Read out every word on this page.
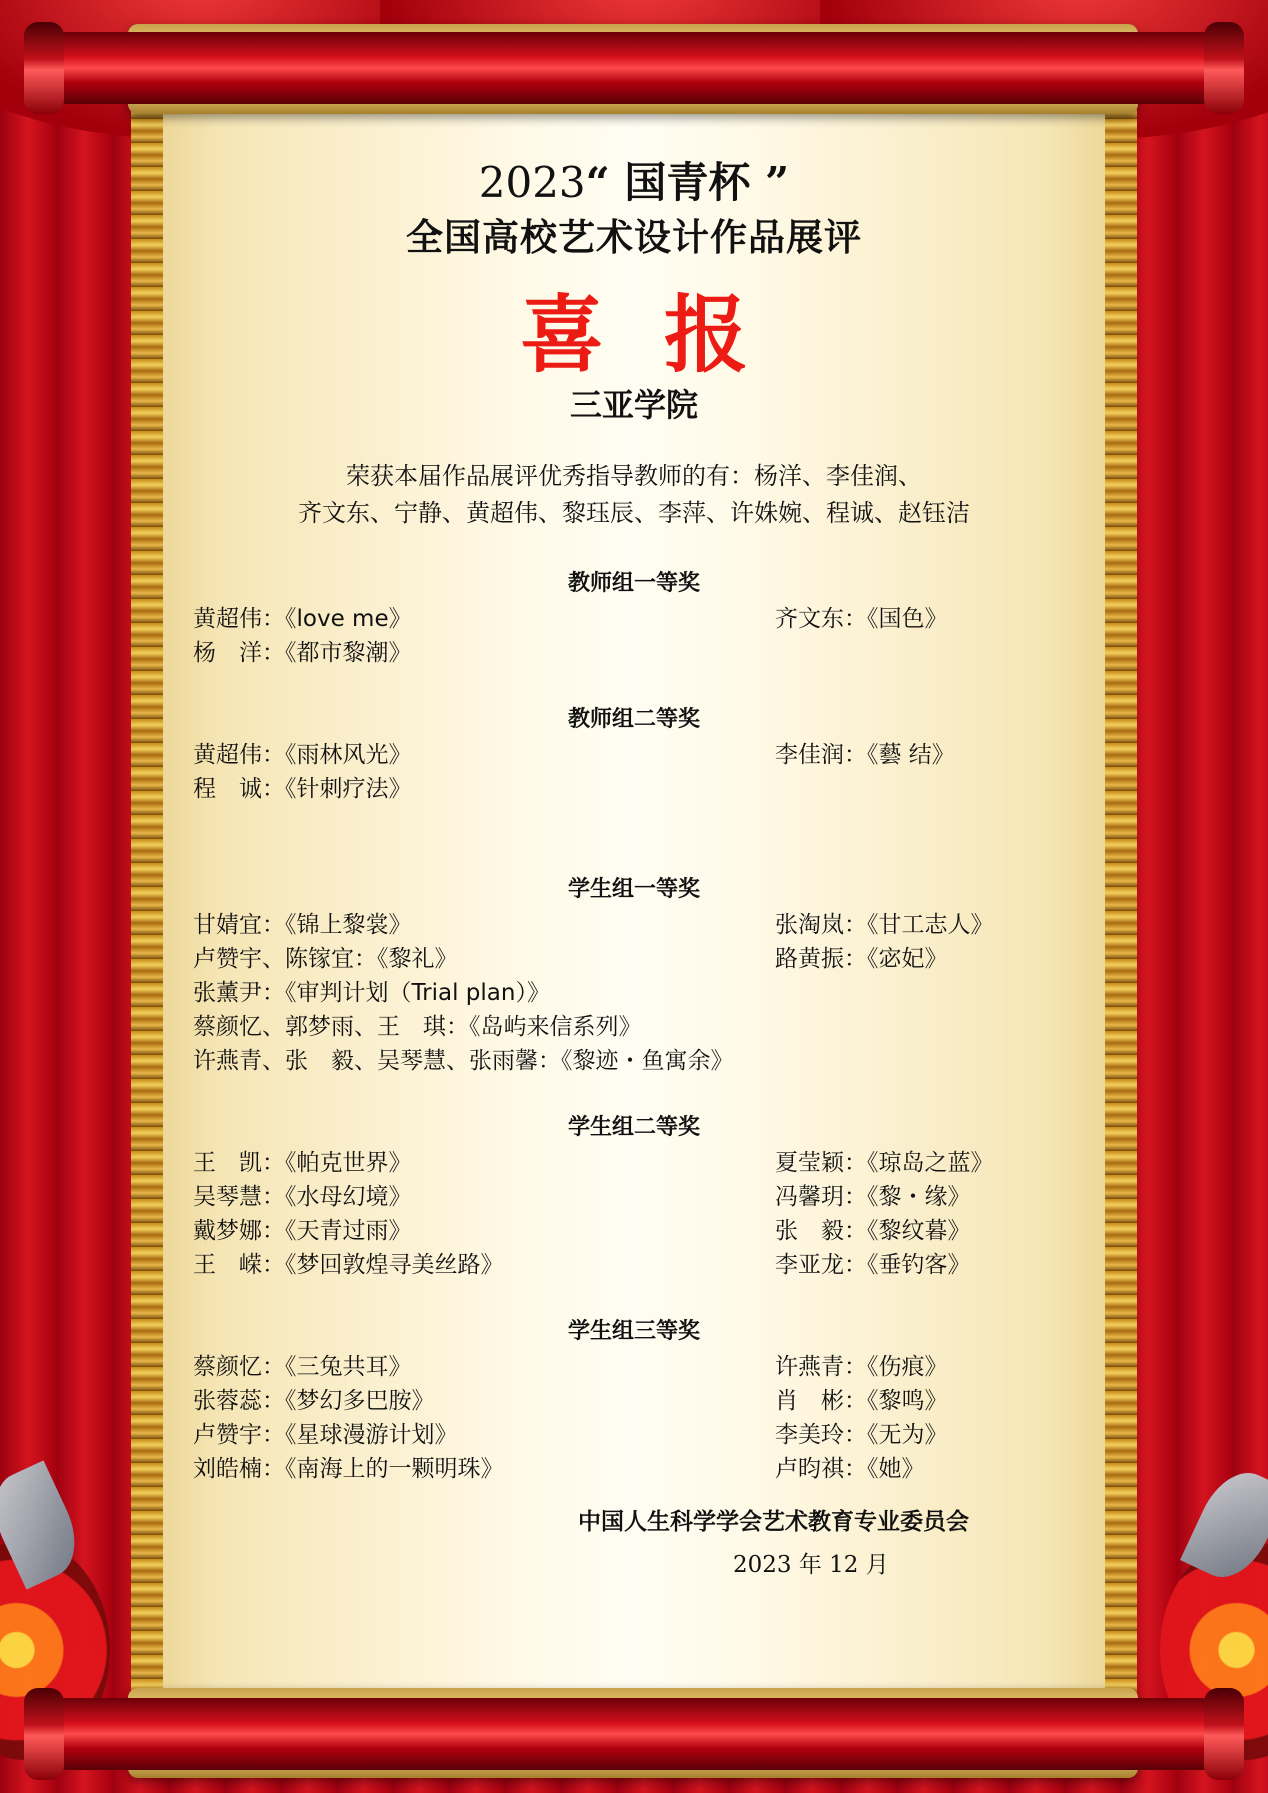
2023“ 国青杯 ”
全国高校艺术设计作品展评
喜报
三亚学院
荣获本届作品展评优秀指导教师的有：杨洋、李佳润、
齐文东、宁静、黄超伟、黎珏辰、李萍、许姝婉、程诚、赵钰洁
教师组一等奖
黄超伟：《love me》	齐文东：《国色》
杨　洋：《都市黎潮》
教师组二等奖
黄超伟：《雨林风光》	李佳润：《藝 结》
程　诚：《针刺疗法》
学生组一等奖
甘婧宜：《锦上黎裳》	张淘岚：《甘工志人》
卢赞宇、陈镓宜：《黎礼》	路黄振：《宓妃》
张薰尹：《审判计划（Trial plan）》
蔡颜忆、郭梦雨、王　琪：《岛屿来信系列》
许燕青、张　毅、吴琴慧、张雨馨：《黎迹・鱼寓余》
学生组二等奖
王　凯：《帕克世界》	夏莹颖：《琼岛之蓝》
吴琴慧：《水母幻境》	冯馨玥：《黎・缘》
戴梦娜：《天青过雨》	张　毅：《黎纹暮》
王　嵘：《梦回敦煌寻美丝路》	李亚龙：《垂钓客》
学生组三等奖
蔡颜忆：《三兔共耳》	许燕青：《伤痕》
张蓉蕊：《梦幻多巴胺》	肖　彬：《黎鸣》
卢赞宇：《星球漫游计划》	李美玲：《无为》
刘皓楠：《南海上的一颗明珠》	卢昀祺：《她》
中国人生科学学会艺术教育专业委员会
2023 年 12 月
